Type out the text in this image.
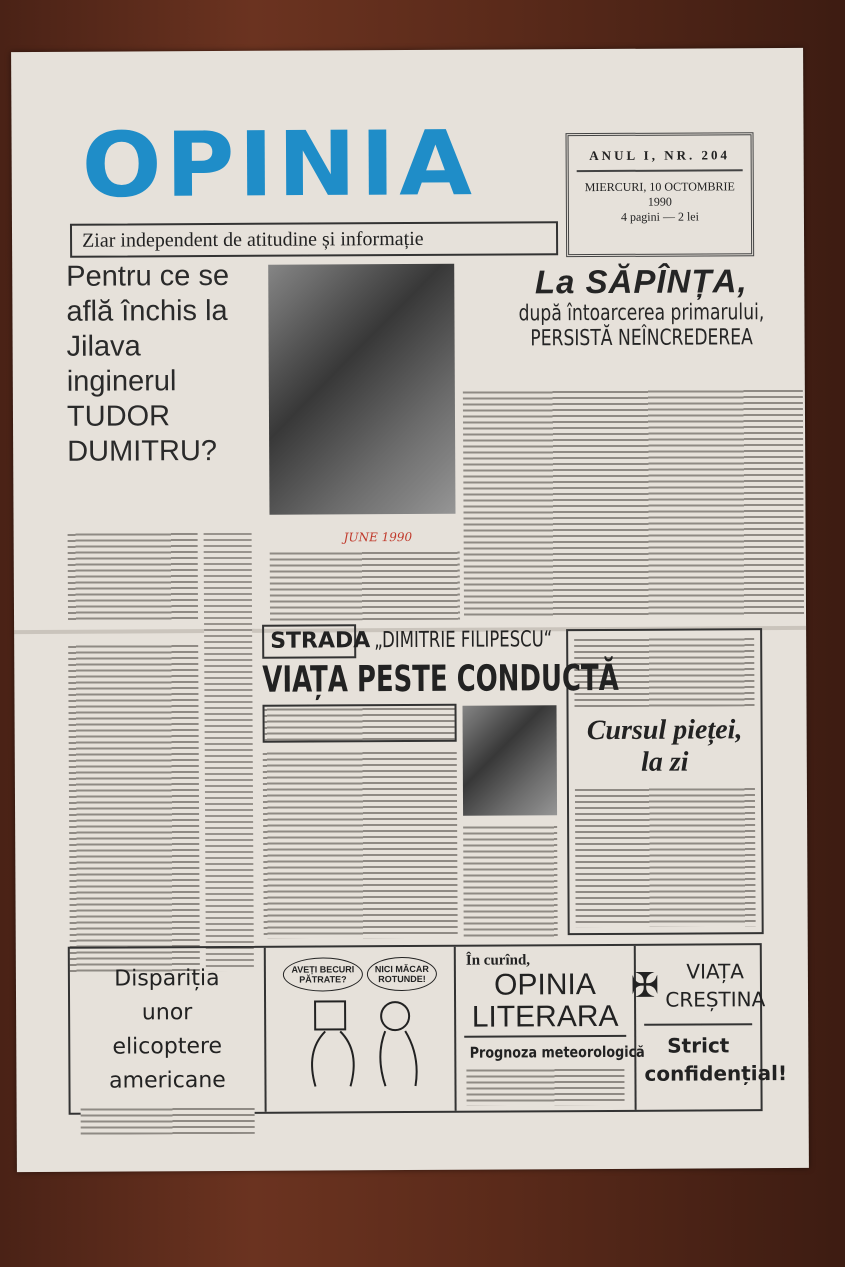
OPINIA
Ziar independent de atitudine și informație
ANUL I, NR. 204
MIERCURI, 10 OCTOMBRIE
1990
4 pagini — 2 lei
Pentru ce se află închis la Jilava inginerul TUDOR DUMITRU?
JUNE 1990
La SĂPÎNȚA,
după întoarcerea primarului,
PERSISTĂ NEÎNCREDEREA
STRADA „DIMITRIE FILIPESCU“
VIAȚA PESTE CONDUCTĂ
Cursul pieței,
la zi
Dispariția unor elicoptere americane
AVEȚI BECURI PĂTRATE?
NICI MĂCAR ROTUNDE!
În curînd,
OPINIA
LITERARA
Prognoza meteorologică
✠	VIAȚA
CREȘTINA
Strict confidențial!
